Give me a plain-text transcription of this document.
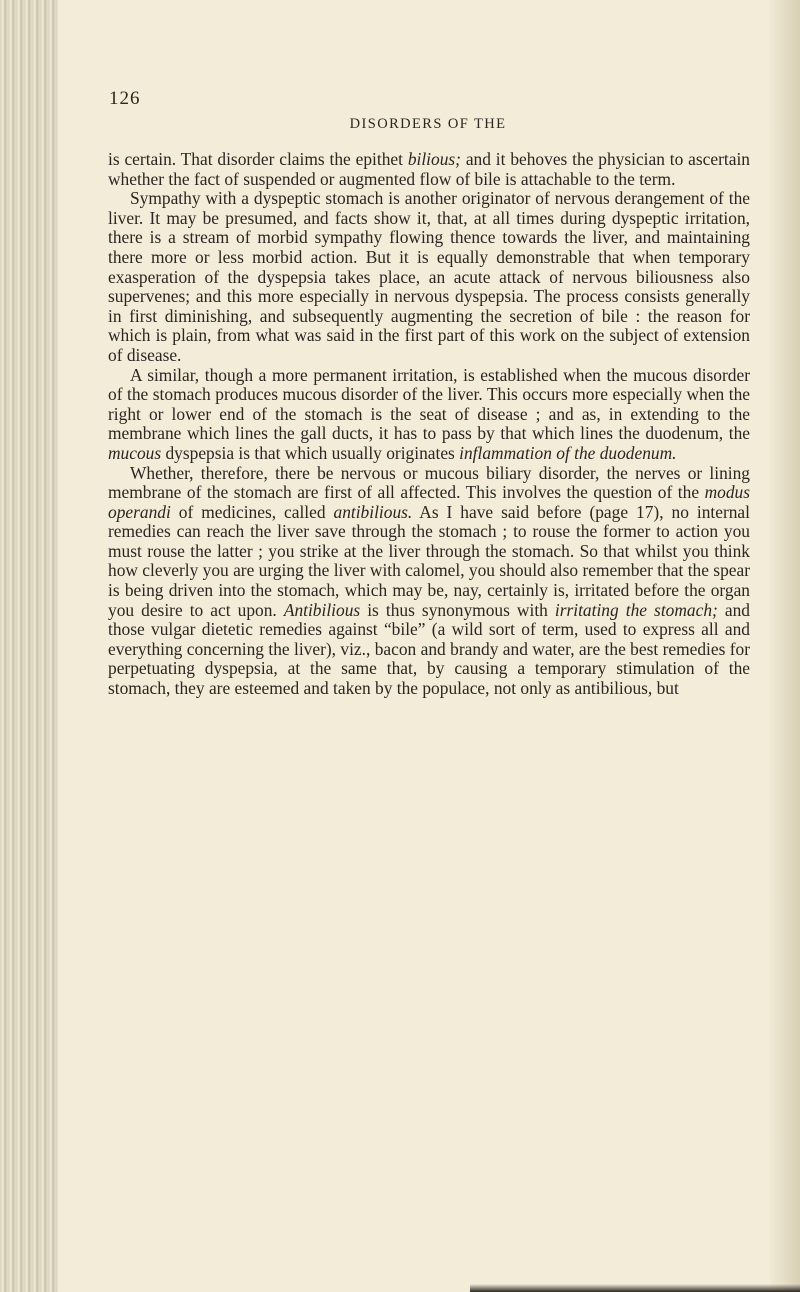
126
DISORDERS OF THE

is certain. That disorder claims the epithet bilious; and it behoves the physician to ascertain whether the fact of suspended or augmented flow of bile is attachable to the term.

Sympathy with a dyspeptic stomach is another originator of nervous derangement of the liver. It may be presumed, and facts show it, that, at all times during dyspeptic irritation, there is a stream of morbid sympathy flowing thence towards the liver, and maintaining there more or less morbid action. But it is equally demonstrable that when temporary exasperation of the dyspepsia takes place, an acute attack of nervous biliousness also supervenes; and this more especially in nervous dyspepsia. The process consists generally in first diminishing, and subsequently augmenting the secretion of bile : the reason for which is plain, from what was said in the first part of this work on the subject of extension of disease.

A similar, though a more permanent irritation, is established when the mucous disorder of the stomach produces mucous disorder of the liver. This occurs more especially when the right or lower end of the stomach is the seat of disease ; and as, in extending to the membrane which lines the gall ducts, it has to pass by that which lines the duodenum, the mucous dyspepsia is that which usually originates inflammation of the duodenum.

Whether, therefore, there be nervous or mucous biliary disorder, the nerves or lining membrane of the stomach are first of all affected. This involves the question of the modus operandi of medicines, called antibilious. As I have said before (page 17), no internal remedies can reach the liver save through the stomach ; to rouse the former to action you must rouse the latter ; you strike at the liver through the stomach. So that whilst you think how cleverly you are urging the liver with calomel, you should also remember that the spear is being driven into the stomach, which may be, nay, certainly is, irritated before the organ you desire to act upon. Antibilious is thus synonymous with irritating the stomach; and those vulgar dietetic remedies against “bile” (a wild sort of term, used to express all and everything concerning the liver), viz., bacon and brandy and water, are the best remedies for perpetuating dyspepsia, at the same that, by causing a temporary stimulation of the stomach, they are esteemed and taken by the populace, not only as antibilious, but
